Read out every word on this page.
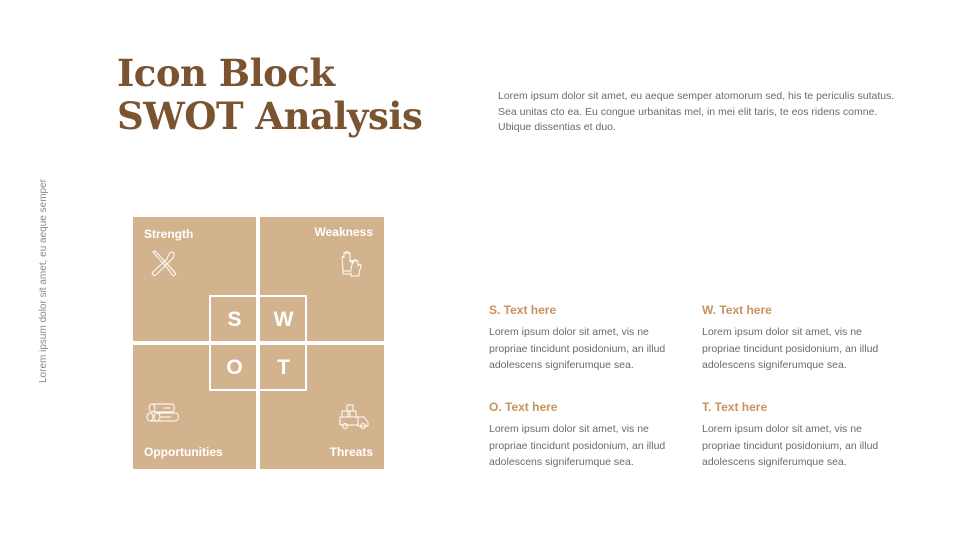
Icon Block
SWOT Analysis	Lorem ipsum dolor sit amet, eu aeque semper atomorum sed, his te periculis sutatus. Sea unitas cto ea. Eu congue urbanitas mel, in mei elit taris, te eos ridens comne. Ubique dissentias et duo.

Lorem ipsum dolor sit amet, eu aeque semper	Strength	Weakness
Opportunities	Threats
S	W
O	T
S. Text here

Lorem ipsum dolor sit amet, vis ne propriae tincidunt posidonium, an illud adolescens signiferumque sea.

W. Text here

Lorem ipsum dolor sit amet, vis ne propriae tincidunt posidonium, an illud adolescens signiferumque sea.

O. Text here

Lorem ipsum dolor sit amet, vis ne propriae tincidunt posidonium, an illud adolescens signiferumque sea.

T. Text here

Lorem ipsum dolor sit amet, vis ne propriae tincidunt posidonium, an illud adolescens signiferumque sea.
